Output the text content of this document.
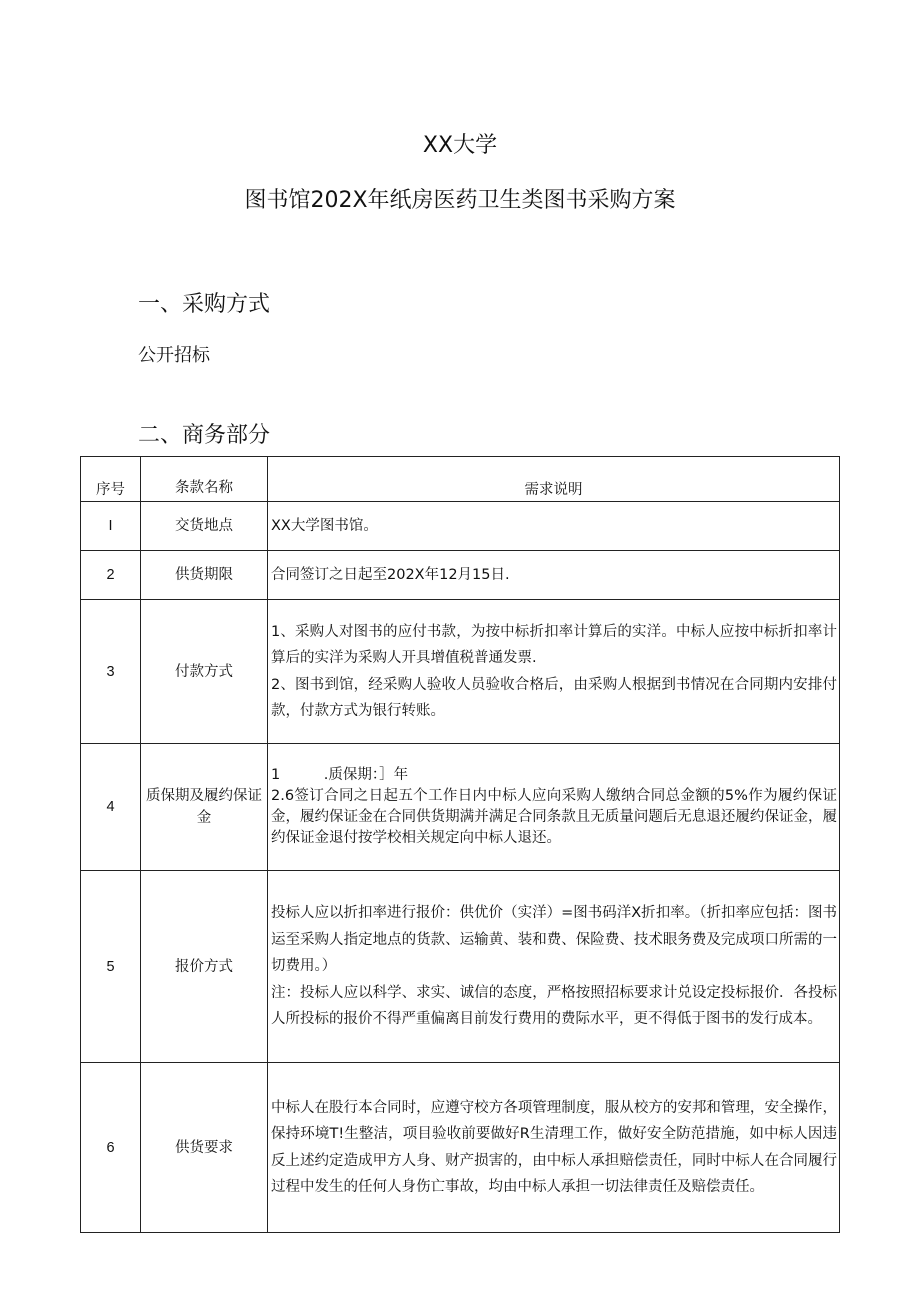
XX大学
图书馆202X年纸房医药卫生类图书采购方案
一、采购方式
公开招标
二、商务部分
序号	条款名称	需求说明
I	交货地点	XX大学图书馆。

2	供货期限	合同签订之日起至202X年12月15日.

3	付款方式	1、采购人对图书的应付书款，为按中标折扣率计算后的实洋。中标人应按中标折扣率计算后的实洋为采购人开具增值税普通发票.

2、图书到馆，经采购人验收人员验收合格后，由采购人根据到书情况在合同期内安排付款，付款方式为银行转账。

4	质保期及履约保证金	1　　　.质保期：］年

2.6签订合同之日起五个工作日内中标人应向采购人缴纳合同总金额的5%作为履约保证金，履约保证金在合同供货期满并满足合同条款且无质量问题后无息退还履约保证金，履约保证金退付按学校相关规定向中标人退还。

5	报价方式	投标人应以折扣率进行报价：供优价（实洋）=图书码洋X折扣率。（折扣率应包括：图书运至采购人指定地点的货款、运输黄、装和费、保险费、技术眼务费及完成项口所需的一切费用。）

注：投标人应以科学、求实、诚信的态度，严格按照招标要求计兑设定投标报价．各投标人所投标的报价不得严重偏离目前发行费用的费际水平，更不得低于图书的发行成本。

6	供货要求	中标人在股行本合同时，应遵守校方各项管理制度，服从校方的安邦和管理，安全操作，保持环境T!生整洁，项目验收前要做好R生清理工作，做好安全防范措施，如中标人因违反上述约定造成甲方人身、财产损害的，由中标人承担赔偿责任，同时中标人在合同履行过程中发生的任何人身伤亡事故，均由中标人承担一切法律责任及赔偿责任。
